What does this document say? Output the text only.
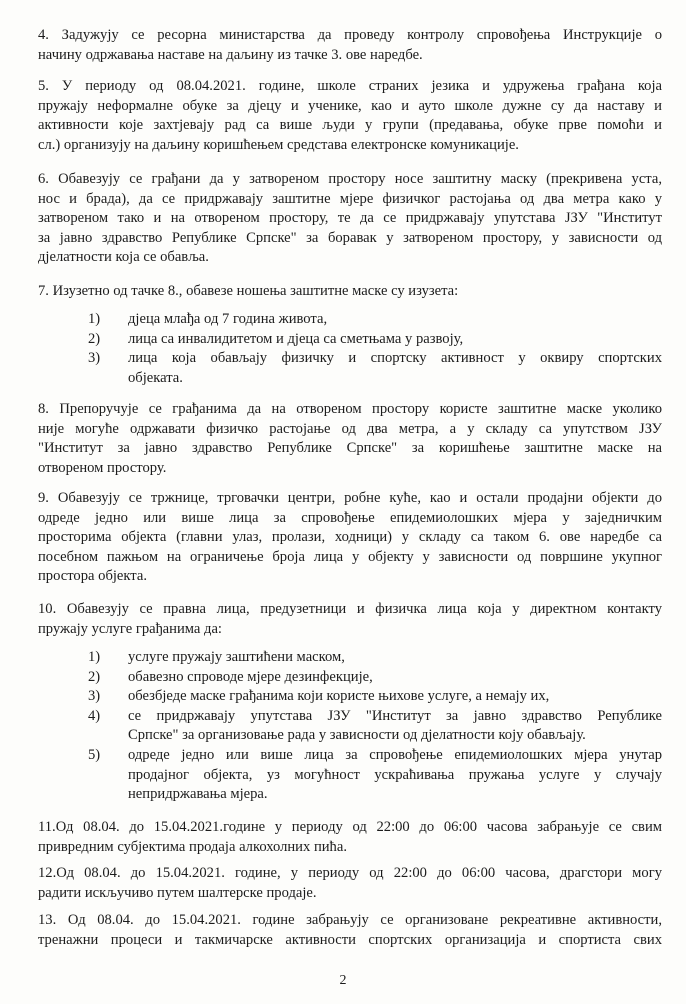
4. Задужују се ресорна министарства да проведу контролу спровођења Инструкције о
начину одржавања наставе на даљину из тачке 3. ове наредбе.
5. У периоду од 08.04.2021. године, школе страних језика и удружења грађана која
пружају неформалне обуке за дјецу и ученике, као и ауто школе дужне су да наставу и
активности које захтјевају рад са више људи у групи (предавања, обуке прве помоћи и
сл.) организују на даљину коришћењем средстава електронске комуникације.
6. Обавезују се грађани да у затвореном простору носе заштитну маску (прекривена уста,
нос и брада), да се придржавају заштитне мјере физичког растојања од два метра како у
затвореном тако и на отвореном простору, те да се придржавају упутстава ЈЗУ "Институт
за јавно здравство Републике Српске" за боравак у затвореном простору, у зависности од
дјелатности која се обавља.
7. Изузетно од тачке 8., обавезе ношења заштитне маске су изузета:
1) дјеца млађа од 7 година живота,
2) лица са инвалидитетом и дјеца са сметњама у развоју,
3) лица која обављају физичку и спортску активност у оквиру спортских
објеката.
8. Препоручује се грађанима да на отвореном простору користе заштитне маске уколико
није могуће одржавати физичко растојање од два метра, а у складу са упутством ЈЗУ
"Институт за јавно здравство Републике Српске" за коришћење заштитне маске на
отвореном простору.
9. Обавезују се тржнице, трговачки центри, робне куће, као и остали продајни објекти до
одреде једно или више лица за спровођење епидемиолошких мјера у заједничким
просторима објекта (главни улаз, пролази, ходници) у складу са таком 6. ове наредбе са
посебном пажњом на ограничење броја лица у објекту у зависности од површине укупног
простора објекта.
10. Обавезују се правна лица, предузетници и физичка лица која у директном контакту
пружају услуге грађанима да:
1) услуге пружају заштићени маском,
2) обавезно спроводе мјере дезинфекције,
3) обезбједе маске грађанима који користе њихове услуге, а немају их,
4) се придржавају упутстава ЈЗУ "Институт за јавно здравство Републике
Српске" за организовање рада у зависности од дјелатности коју обављају.
5) одреде једно или више лица за спровођење епидемиолошких мјера унутар
продајног објекта, уз могућност ускраћивања пружања услуге у случају
непридржавања мјера.
11.Од 08.04. до 15.04.2021.године у периоду од 22:00 до 06:00 часова забрањује се свим
привредним субјектима продаја алкохолних пића.
12.Од 08.04. до 15.04.2021. године, у периоду од 22:00 до 06:00 часова, драгстори могу
радити искључиво путем шалтерске продаје.
13. Од 08.04. до 15.04.2021. године забрањују се организоване рекреативне активности,
тренажни процеси и такмичарске активности спортских организација и спортиста свих
2
